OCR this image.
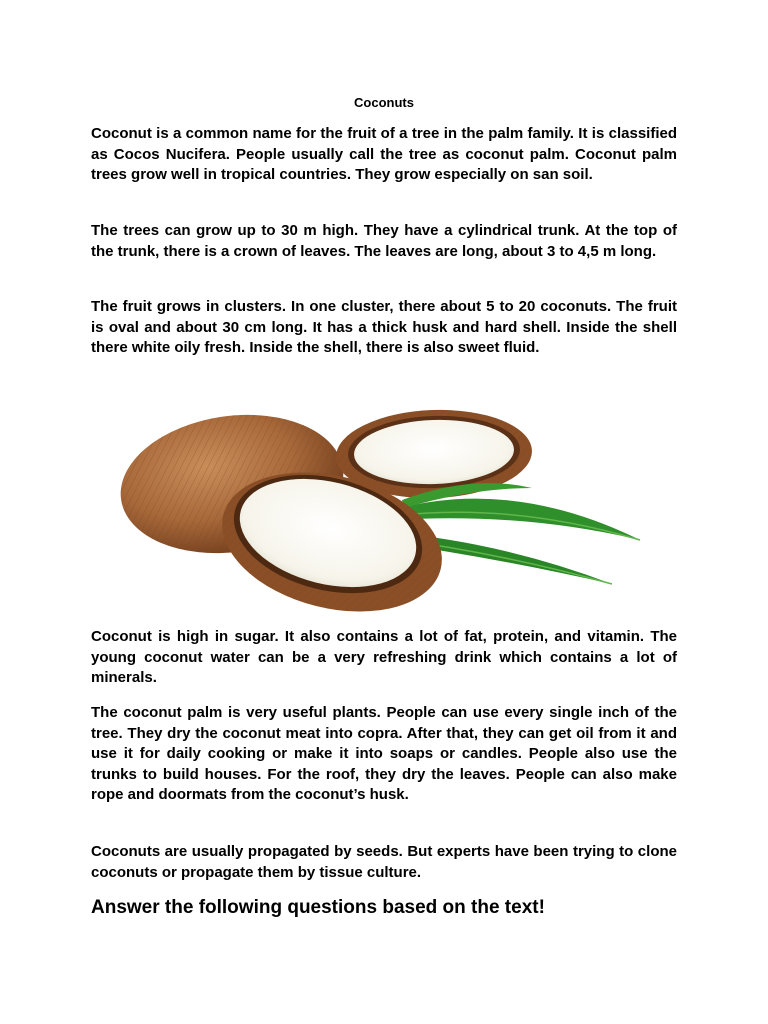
Coconuts

Coconut is a common name for the fruit of a tree in the palm family. It is classified as Cocos Nucifera. People usually call the tree as coconut palm. Coconut palm trees grow well in tropical countries. They grow especially on san soil.

The trees can grow up to 30 m high. They have a cylindrical trunk. At the top of the trunk, there is a crown of leaves. The leaves are long, about 3 to 4,5 m long.

The fruit grows in clusters. In one cluster, there about 5 to 20 coconuts. The fruit is oval and about 30 cm long. It has a thick husk and hard shell. Inside the shell there white oily fresh. Inside the shell, there is also sweet fluid.

Coconut is high in sugar. It also contains a lot of fat, protein, and vitamin. The young coconut water can be a very refreshing drink which contains a lot of minerals.

The coconut palm is very useful plants. People can use every single inch of the tree. They dry the coconut meat into copra. After that, they can get oil from it and use it for daily cooking or make it into soaps or candles. People also use the trunks to build houses. For the roof, they dry the leaves. People can also make rope and doormats from the coconut’s husk.

Coconuts are usually propagated by seeds. But experts have been trying to clone coconuts or propagate them by tissue culture.

Answer the following questions based on the text!
